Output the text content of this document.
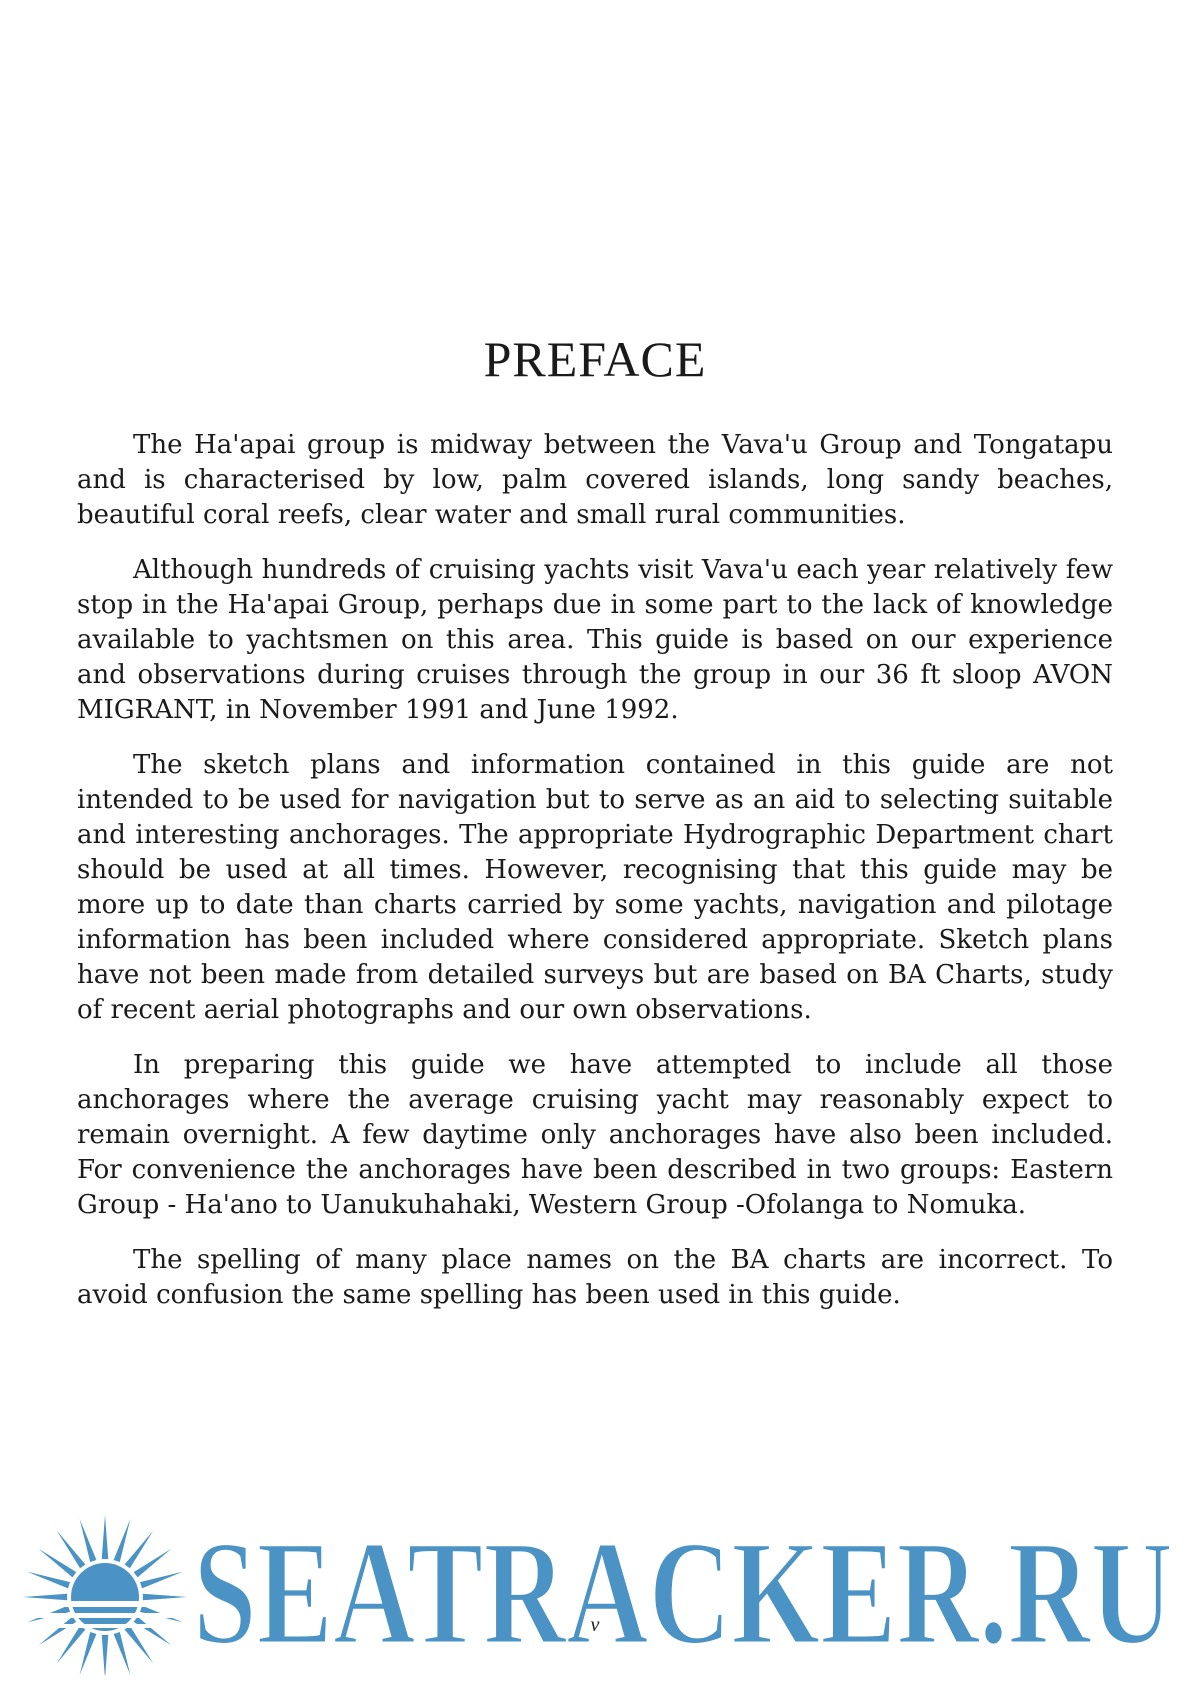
PREFACE

The Ha'apai group is midway between the Vava'u Group and Tongatapu and is characterised by low, palm covered islands, long sandy beaches, beautiful coral reefs, clear water and small rural communities.

Although hundreds of cruising yachts visit Vava'u each year relatively few stop in the Ha'apai Group, perhaps due in some part to the lack of knowledge available to yachtsmen on this area. This guide is based on our experience and observations during cruises through the group in our 36 ft sloop AVON MIGRANT, in November 1991 and June 1992.

The sketch plans and information contained in this guide are not intended to be used for navigation but to serve as an aid to selecting suitable and interesting anchorages. The appropriate Hydrographic Department chart should be used at all times. However, recognising that this guide may be more up to date than charts carried by some yachts, navigation and pilotage information has been included where considered appropriate. Sketch plans have not been made from detailed surveys but are based on BA Charts, study of recent aerial photographs and our own observations.

In preparing this guide we have attempted to include all those anchorages where the average cruising yacht may reasonably expect to remain overnight. A few daytime only anchorages have also been included. For convenience the anchorages have been described in two groups: Eastern Group - Ha'ano to Uanukuhahaki, Western Group -Ofolanga to Nomuka.

The spelling of many place names on the BA charts are incorrect. To avoid confusion the same spelling has been used in this guide.

SEATRACKER.RU
SEATRACKER.RU
v
